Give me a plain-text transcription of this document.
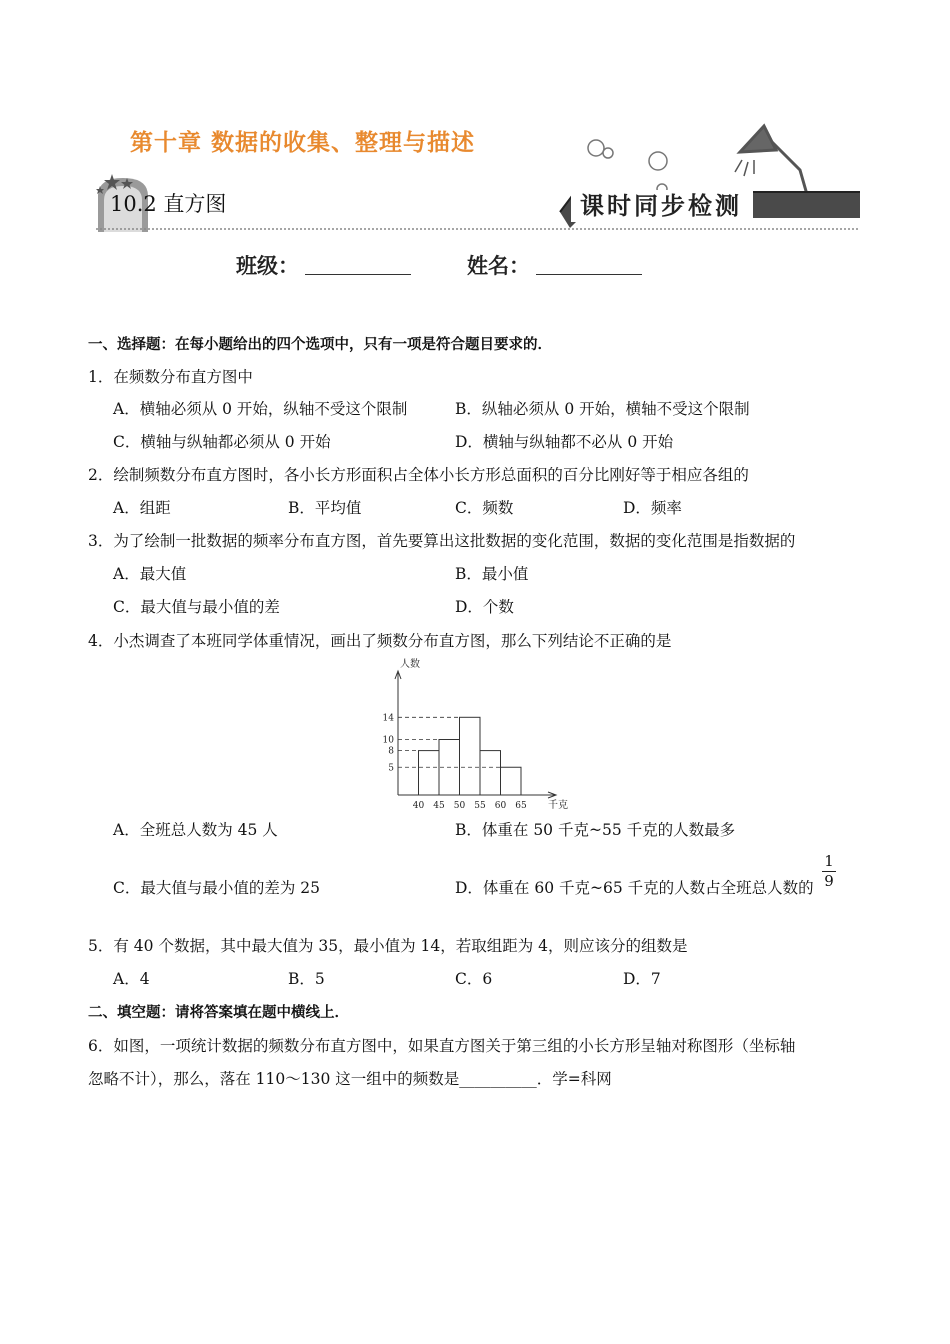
第十章 数据的收集、整理与描述
10.2 直方图	课时同步检测
班级：	姓名：
一、选择题：在每小题给出的四个选项中，只有一项是符合题目要求的．
1．在频数分布直方图中
A．横轴必须从 0 开始，纵轴不受这个限制	B．纵轴必须从 0 开始，横轴不受这个限制
C．横轴与纵轴都必须从 0 开始	D．横轴与纵轴都不必从 0 开始
2．绘制频数分布直方图时，各小长方形面积占全体小长方形总面积的百分比刚好等于相应各组的
A．组距	B．平均值	C．频数	D．频率
3．为了绘制一批数据的频率分布直方图，首先要算出这批数据的变化范围，数据的变化范围是指数据的
A．最大值	B．最小值
C．最大值与最小值的差	D．个数
4．小杰调查了本班同学体重情况，画出了频数分布直方图，那么下列结论不正确的是
5
8
10
14
40 45 50 55 60 65
人数
千克
A．全班总人数为 45 人	B．体重在 50 千克~55 千克的人数最多
C．最大值与最小值的差为 25	D．体重在 60 千克~65 千克的人数占全班总人数的 $\frac{1}{9}$
5．有 40 个数据，其中最大值为 35，最小值为 14，若取组距为 4，则应该分的组数是
A．4	B．5	C．6	D．7
二、填空题：请将答案填在题中横线上．
6．如图，一项统计数据的频数分布直方图中，如果直方图关于第三组的小长方形呈轴对称图形（坐标轴
忽略不计），那么，落在 110～130 这一组中的频数是__________．学=科网
